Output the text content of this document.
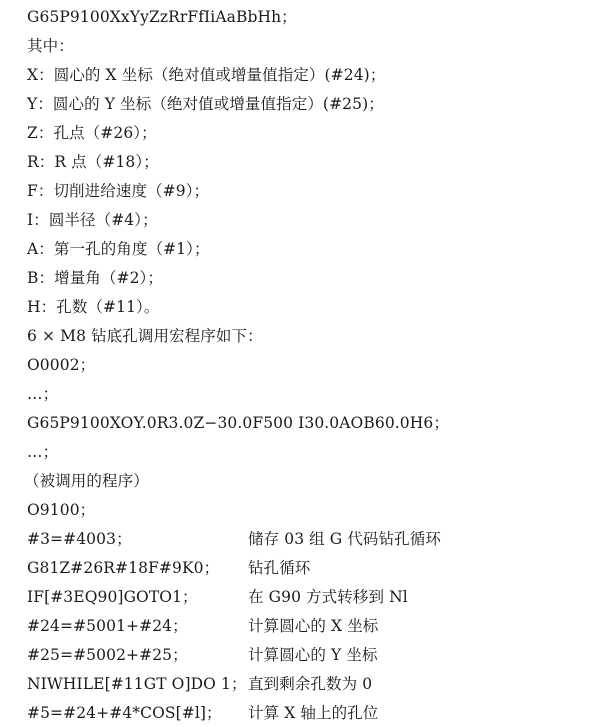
G65P9100XxYyZzRrFfIiAaBbHh；
其中：
X：圆心的 X 坐标（绝对值或增量值指定）(#24)；
Y：圆心的 Y 坐标（绝对值或增量值指定）(#25)；
Z：孔点（#26）；
R：R 点（#18）；
F：切削进给速度（#9）；
I：圆半径（#4）；
A：第一孔的角度（#1）；
B：增量角（#2）；
H：孔数（#11）。
6 × M8 钻底孔调用宏程序如下：
O0002；
…；
G65P9100XOY.0R3.0Z−30.0F500 I30.0AOB60.0H6；
…；
（被调用的程序）
O9100；
#3=#4003；	储存 03 组 G 代码钻孔循环
G81Z#26R#18F#9K0； 钻孔循环
IF[#3EQ90]GOTO1；	在 G90 方式转移到 Nl
#24=#5001+#24；	计算圆心的 X 坐标
#25=#5002+#25；	计算圆心的 Y 坐标
NIWHILE[#11GT O]DO 1； 直到剩余孔数为 0
#5=#24+#4*COS[#l]； 计算 X 轴上的孔位
